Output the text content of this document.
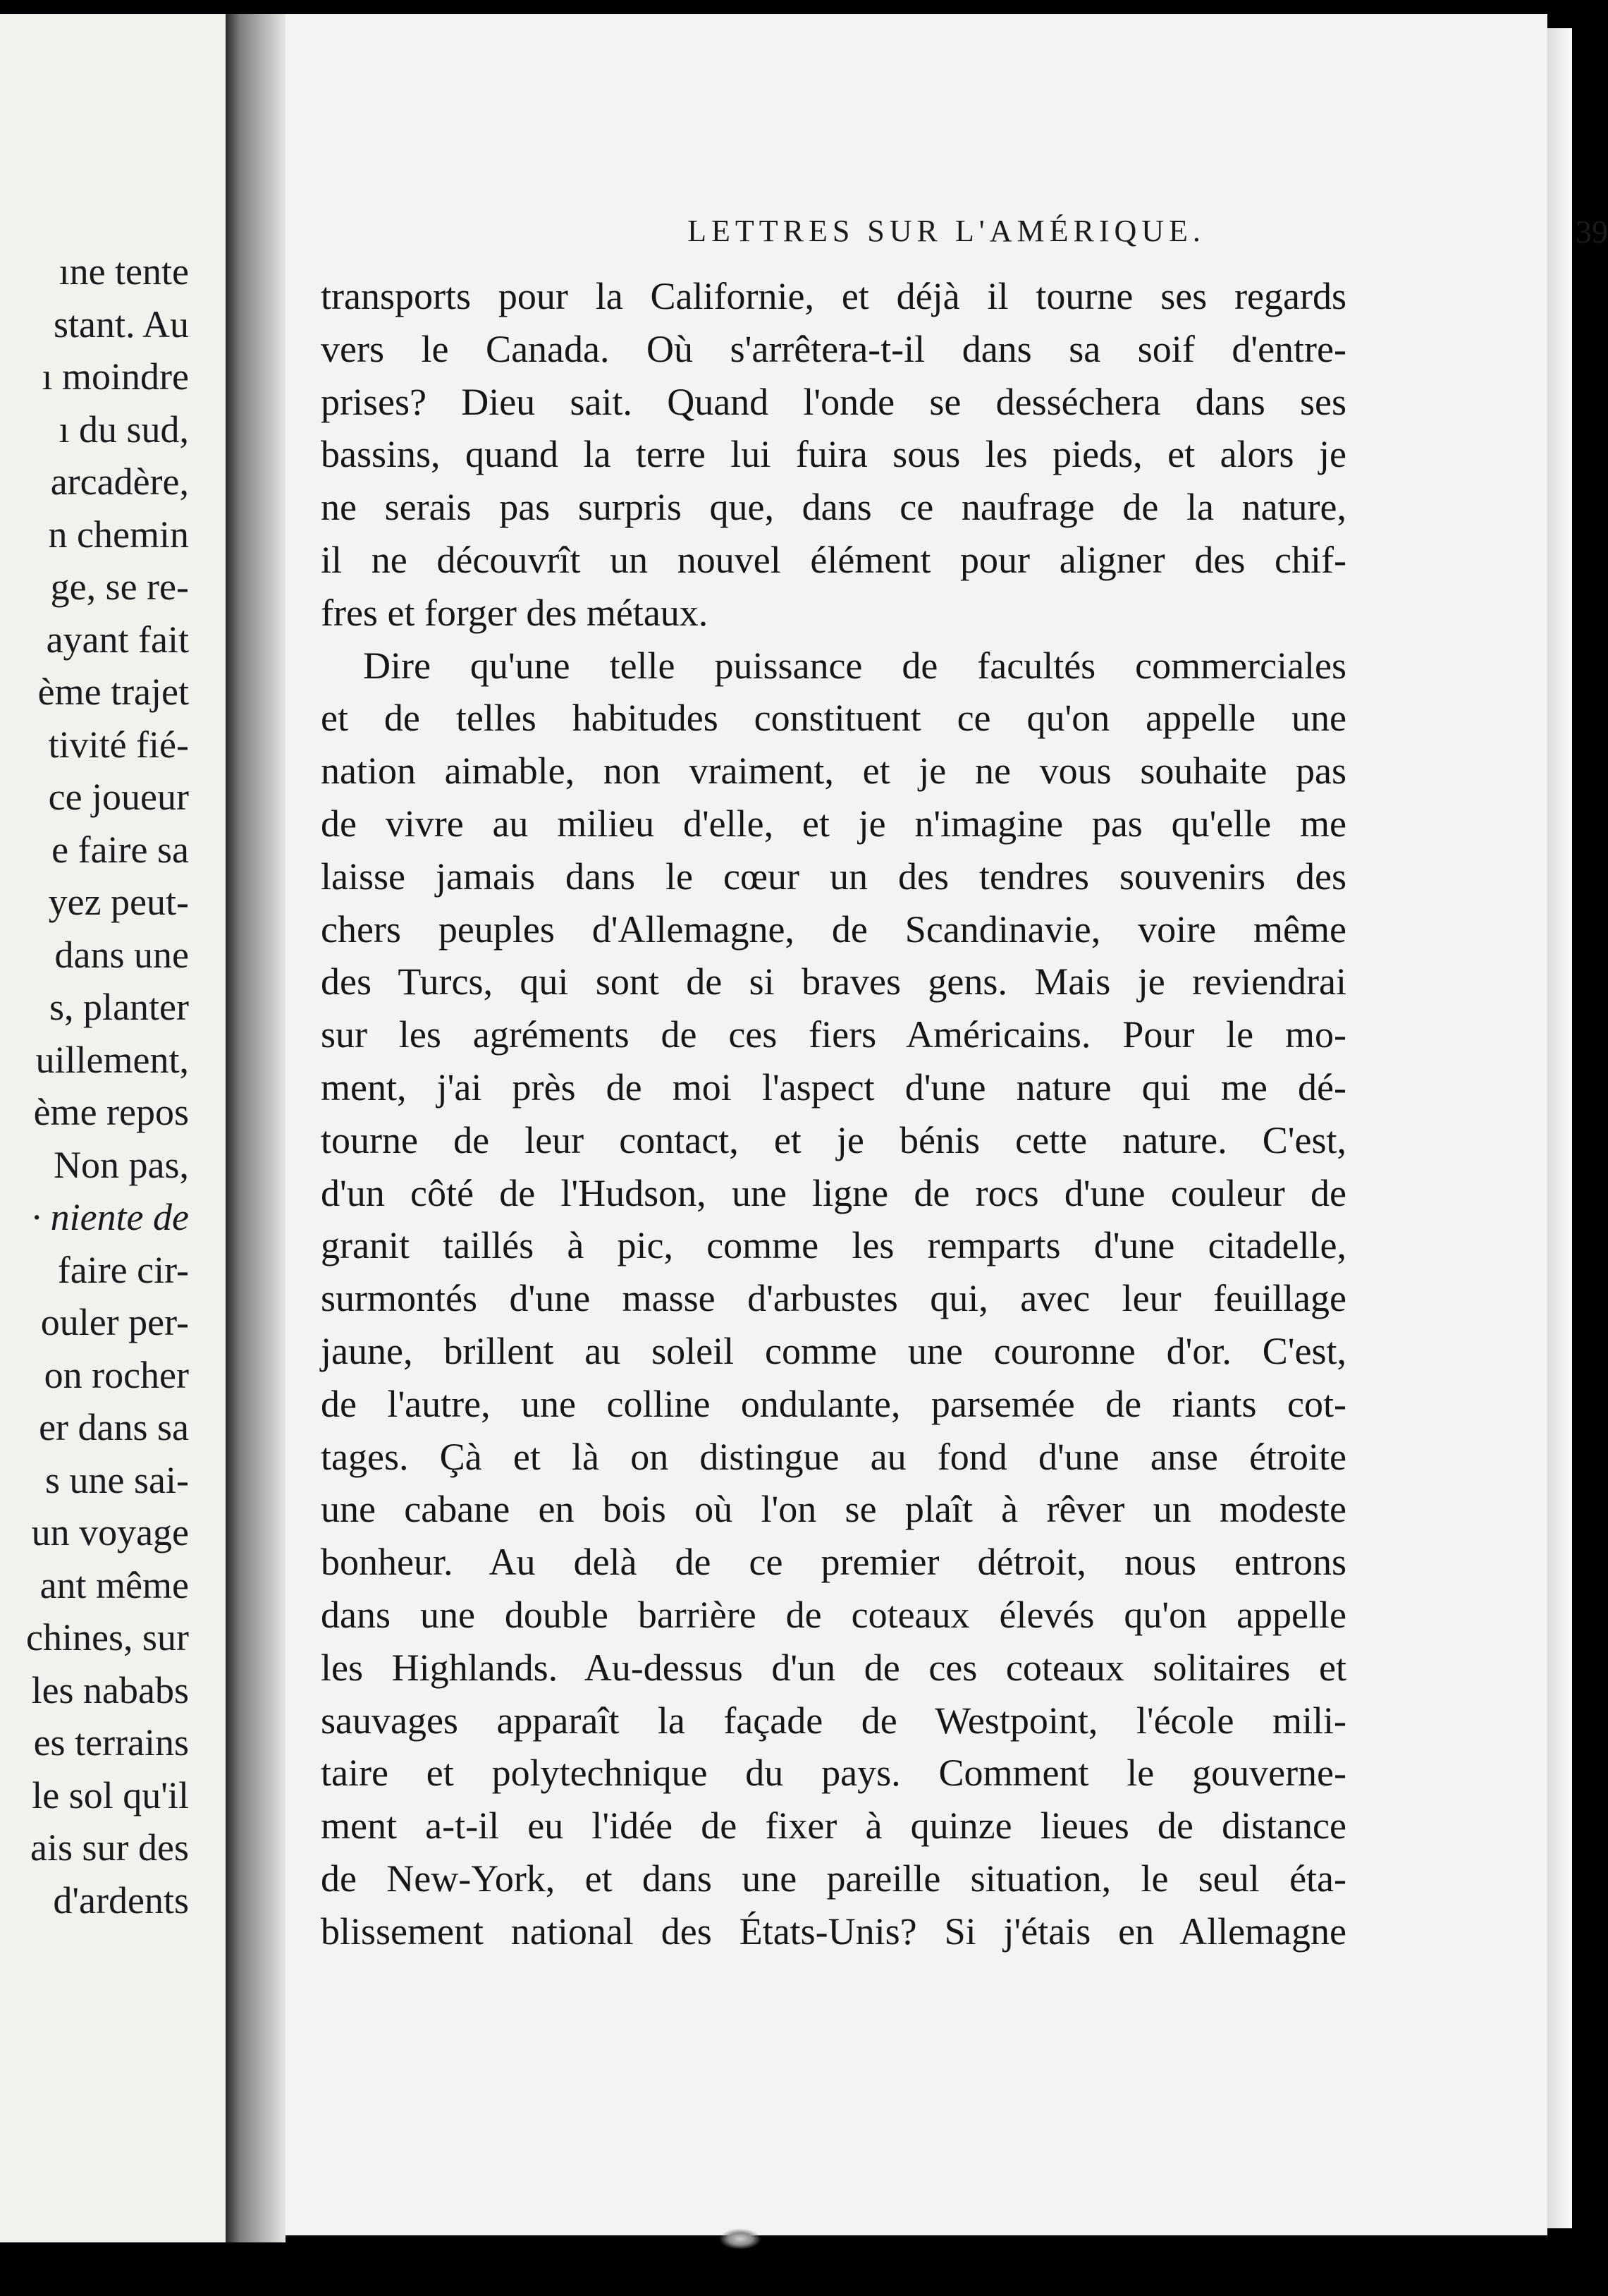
ıne tente
stant. Au
ı moindre
ı du sud,
arcadère,
n chemin
ge, se re-
ayant fait
ème trajet
tivité fié-
ce joueur
e faire sa
yez peut-
dans une
s, planter
uillement,
ème repos
Non pas,
· niente de
faire cir-
ouler per-
on rocher
er dans sa
s une sai-
un voyage
ant même
chines, sur
les nababs
es terrains
le sol qu'il
ais sur des
d'ardents
LETTRES SUR L'AMÉRIQUE.	39
transports pour la Californie, et déjà il tourne ses regards
vers le Canada. Où s'arrêtera-t-il dans sa soif d'entre-
prises? Dieu sait. Quand l'onde se desséchera dans ses
bassins, quand la terre lui fuira sous les pieds, et alors je
ne serais pas surpris que, dans ce naufrage de la nature,
il ne découvrît un nouvel élément pour aligner des chif-
fres et forger des métaux.
Dire qu'une telle puissance de facultés commerciales
et de telles habitudes constituent ce qu'on appelle une
nation aimable, non vraiment, et je ne vous souhaite pas
de vivre au milieu d'elle, et je n'imagine pas qu'elle me
laisse jamais dans le cœur un des tendres souvenirs des
chers peuples d'Allemagne, de Scandinavie, voire même
des Turcs, qui sont de si braves gens. Mais je reviendrai
sur les agréments de ces fiers Américains. Pour le mo-
ment, j'ai près de moi l'aspect d'une nature qui me dé-
tourne de leur contact, et je bénis cette nature. C'est,
d'un côté de l'Hudson, une ligne de rocs d'une couleur de
granit taillés à pic, comme les remparts d'une citadelle,
surmontés d'une masse d'arbustes qui, avec leur feuillage
jaune, brillent au soleil comme une couronne d'or. C'est,
de l'autre, une colline ondulante, parsemée de riants cot-
tages. Çà et là on distingue au fond d'une anse étroite
une cabane en bois où l'on se plaît à rêver un modeste
bonheur. Au delà de ce premier détroit, nous entrons
dans une double barrière de coteaux élevés qu'on appelle
les Highlands. Au-dessus d'un de ces coteaux solitaires et
sauvages apparaît la façade de Westpoint, l'école mili-
taire et polytechnique du pays. Comment le gouverne-
ment a-t-il eu l'idée de fixer à quinze lieues de distance
de New-York, et dans une pareille situation, le seul éta-
blissement national des États-Unis? Si j'étais en Allemagne
